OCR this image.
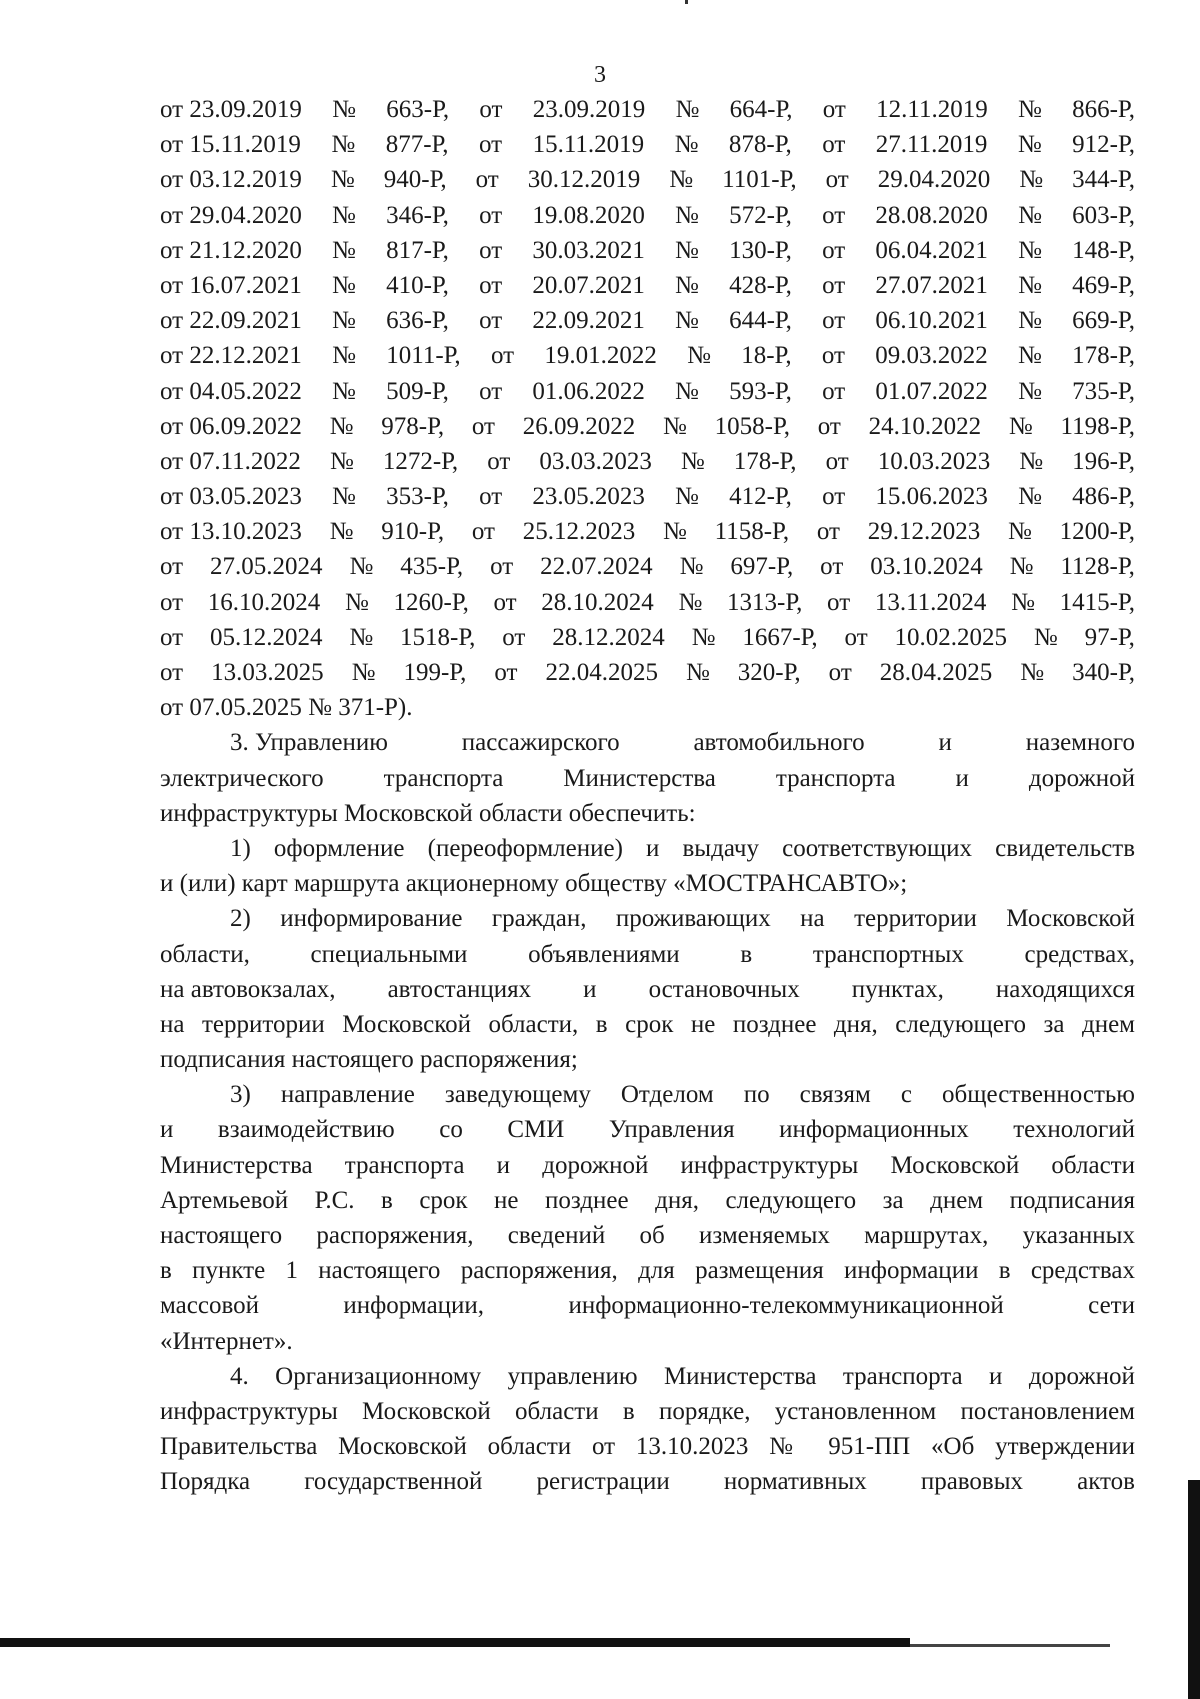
3
от 23.09.2019 № 663-Р, от 23.09.2019 № 664-Р, от 12.11.2019 № 866-Р,
от 15.11.2019 № 877-Р, от 15.11.2019 № 878-Р, от 27.11.2019 № 912-Р,
от 03.12.2019 № 940-Р, от 30.12.2019 № 1101-Р, от 29.04.2020 № 344-Р,
от 29.04.2020 № 346-Р, от 19.08.2020 № 572-Р, от 28.08.2020 № 603-Р,
от 21.12.2020 № 817-Р, от 30.03.2021 № 130-Р, от 06.04.2021 № 148-Р,
от 16.07.2021 № 410-Р, от 20.07.2021 № 428-Р, от 27.07.2021 № 469-Р,
от 22.09.2021 № 636-Р, от 22.09.2021 № 644-Р, от 06.10.2021 № 669-Р,
от 22.12.2021 № 1011-Р, от 19.01.2022 № 18-Р, от 09.03.2022 № 178-Р,
от 04.05.2022 № 509-Р, от 01.06.2022 № 593-Р, от 01.07.2022 № 735-Р,
от 06.09.2022 № 978-Р, от 26.09.2022 № 1058-Р, от 24.10.2022 № 1198-Р,
от 07.11.2022 № 1272-Р, от 03.03.2023 № 178-Р, от 10.03.2023 № 196-Р,
от 03.05.2023 № 353-Р, от 23.05.2023 № 412-Р, от 15.06.2023 № 486-Р,
от 13.10.2023 № 910-Р, от 25.12.2023 № 1158-Р, от 29.12.2023 № 1200-Р,
от 27.05.2024 № 435-Р, от 22.07.2024 № 697-Р, от 03.10.2024 № 1128-Р,
от 16.10.2024 № 1260-Р, от 28.10.2024 № 1313-Р, от 13.11.2024 № 1415-Р,
от 05.12.2024 № 1518-Р, от 28.12.2024 № 1667-Р, от 10.02.2025 № 97-Р,
от 13.03.2025 № 199-Р, от 22.04.2025 № 320-Р, от 28.04.2025 № 340-Р,
от 07.05.2025 № 371-Р).
3. Управлению	пассажирского	автомобильного	и	наземного
электрического транспорта Министерства транспорта и дорожной
инфраструктуры Московской области обеспечить:
1) оформление (переоформление) и выдачу соответствующих свидетельств
и (или) карт маршрута акционерному обществу «МОСТРАНСАВТО»;
2) информирование граждан, проживающих на территории Московской
области, специальными объявлениями в транспортных средствах,
на автовокзалах, автостанциях и остановочных пунктах, находящихся
на территории Московской области, в срок не позднее дня, следующего за днем
подписания настоящего распоряжения;
3) направление заведующему Отделом по связям с общественностью
и взаимодействию со СМИ Управления информационных технологий
Министерства транспорта и дорожной инфраструктуры Московской области
Артемьевой Р.С. в срок не позднее дня, следующего за днем подписания
настоящего распоряжения, сведений об изменяемых маршрутах, указанных
в пункте 1 настоящего распоряжения, для размещения информации в средствах
массовой	информации,	информационно-телекоммуникационной	сети
«Интернет».
4. Организационному управлению Министерства транспорта и дорожной
инфраструктуры Московской области в порядке, установленном постановлением
Правительства Московской области от 13.10.2023 № 951-ПП «Об утверждении
Порядка государственной регистрации нормативных правовых актов
